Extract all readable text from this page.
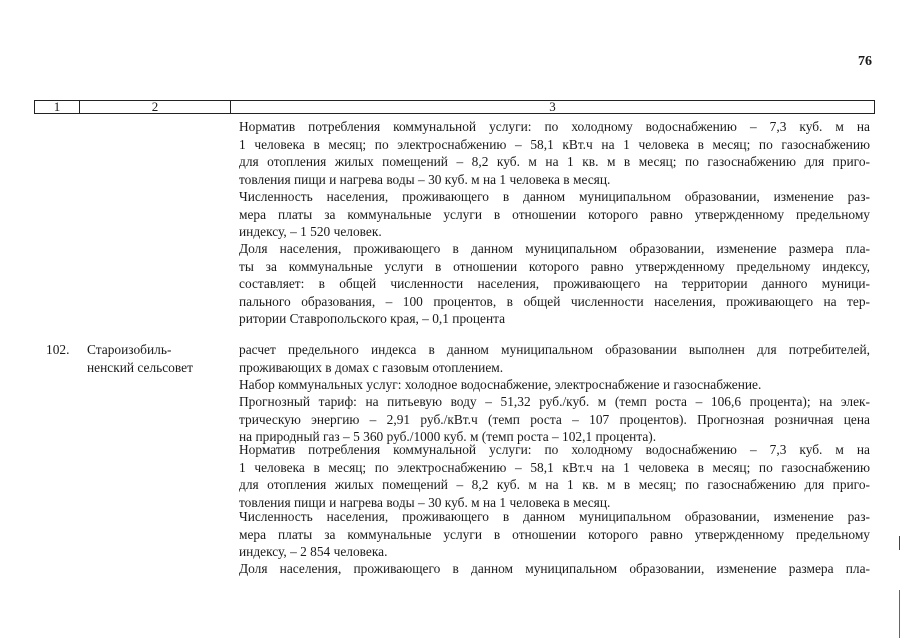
76
1	2	3
Норматив потребления коммунальной услуги: по холодному водоснабжению – 7,3 куб. м на
1 человека в месяц; по электроснабжению – 58,1 кВт.ч на 1 человека в месяц; по газоснабжению
для отопления жилых помещений – 8,2 куб. м на 1 кв. м в месяц; по газоснабжению для приго-
товления пищи и нагрева воды – 30 куб. м на 1 человека в месяц.
Численность населения, проживающего в данном муниципальном образовании, изменение раз-
мера платы за коммунальные услуги в отношении которого равно утвержденному предельному
индексу, – 1 520 человек.
Доля населения, проживающего в данном муниципальном образовании, изменение размера пла-
ты за коммунальные услуги в отношении которого равно утвержденному предельному индексу,
составляет: в общей численности населения, проживающего на территории данного муници-
пального образования, – 100 процентов, в общей численности населения, проживающего на тер-
ритории Ставропольского края, – 0,1 процента
102. Староизобиль-
ненский сельсовет
расчет предельного индекса в данном муниципальном образовании выполнен для потребителей,
проживающих в домах с газовым отоплением.
Набор коммунальных услуг: холодное водоснабжение, электроснабжение и газоснабжение.
Прогнозный тариф: на питьевую воду – 51,32 руб./куб. м (темп роста – 106,6 процента); на элек-
трическую энергию – 2,91 руб./кВт.ч (темп роста – 107 процентов). Прогнозная розничная цена
на природный газ – 5 360 руб./1000 куб. м (темп роста – 102,1 процента).
Норматив потребления коммунальной услуги: по холодному водоснабжению – 7,3 куб. м на
1 человека в месяц; по электроснабжению – 58,1 кВт.ч на 1 человека в месяц; по газоснабжению
для отопления жилых помещений – 8,2 куб. м на 1 кв. м в месяц; по газоснабжению для приго-
товления пищи и нагрева воды – 30 куб. м на 1 человека в месяц.
Численность населения, проживающего в данном муниципальном образовании, изменение раз-
мера платы за коммунальные услуги в отношении которого равно утвержденному предельному
индексу, – 2 854 человека.
Доля населения, проживающего в данном муниципальном образовании, изменение размера пла-
